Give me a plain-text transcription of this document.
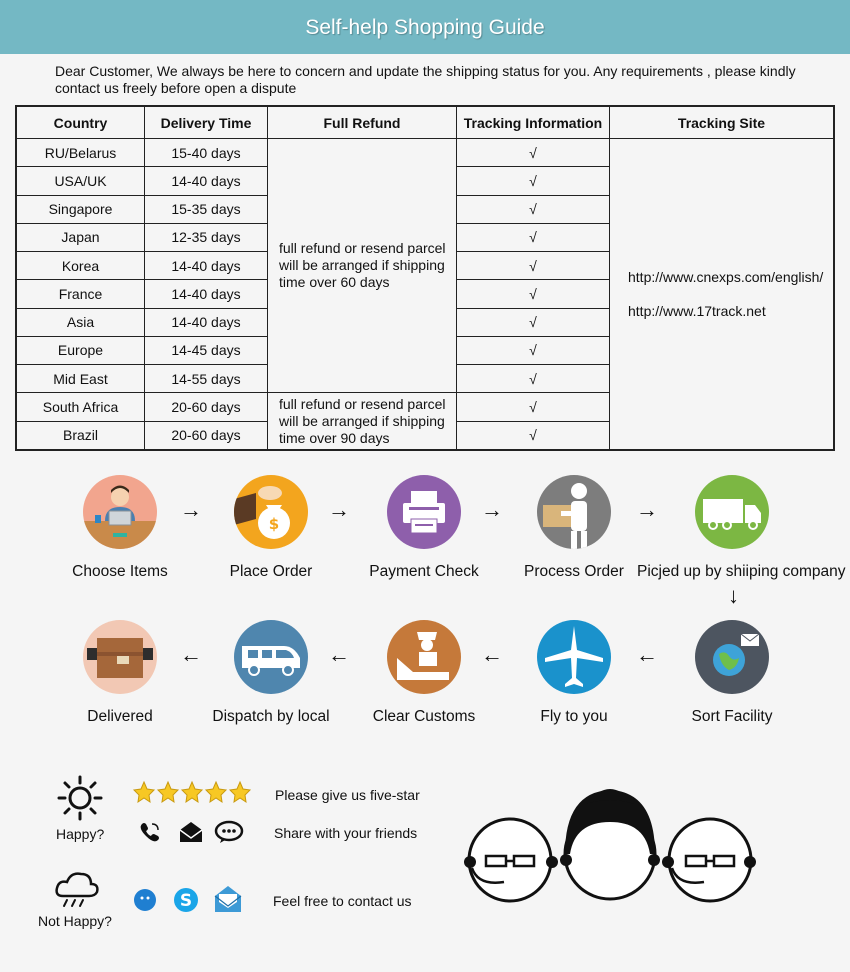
Self-help Shopping Guide
Dear Customer, We always be here to concern and update the shipping status for you. Any requirements , please kindly contact us freely before open a dispute
Country	Delivery Time	Full Refund	Tracking Information	Tracking Site
RU/Belarus	15-40 days	full refund or resend parcel will be arranged if shipping time over 60 days	√	http://www.cnexps.com/english/
http://www.17track.net

USA/UK	14-40 days		√	
Singapore	15-35 days		√	
Japan	12-35 days		√	
Korea	14-40 days		√	
France	14-40 days		√	
Asia	14-40 days		√	
Europe	14-45 days		√	
Mid East	14-55 days		√	
South Africa	20-60 days	full refund or resend parcel will be arranged if shipping time over 90 days	√	
Brazil	20-60 days		√	
Choose Items
→
$
Place Order
→
Payment Check
→
Process Order
→
Picjed up by shiiping company
↓
Delivered
←
Dispatch by local
←
Clear Customs
←
Fly to you
←
Sort Facility
Happy?
Please give us five-star
Share with your friends
Not Happy?
S	Feel free to contact us
